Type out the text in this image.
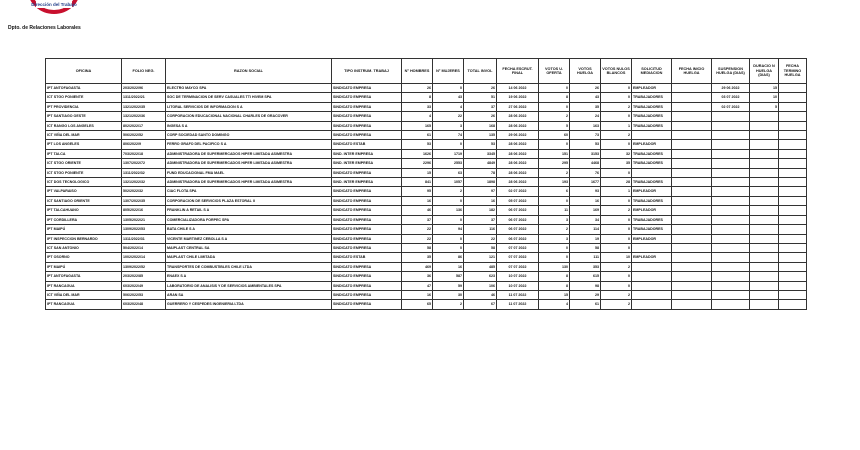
Dirección del Trabajo
Dpto. de Relaciones Laborales
OFICINA	FOLIO NEG.	RAZON SOCIAL	TIPO INSTRUM. TRABAJ	N° HOMBRES	N° MUJERES	TOTAL INVOL	FECHA ESCRUT. FINAL	VOTOS U. OFERTA	VOTOS HUELGA	VOTOS NULOS BLANCOS	SOLICITUD MEDIACION	FECHA INICIO HUELGA	SUSPENSION HUELGA (DIAS)	DURACIO N HUELGA (DIAS)	FECHA TERMINO HUELGA
IPT ANTOFAGASTA	203/2022/96	ELECTRO MAYCO SPA	SINDICATO EMPRESA	26	0	26	14 06 2022	0	26	0	EMPLEADOR		29 06 2022	15	
ICT STGO PONIENTE	1311/2022/21	SOC DE TERMINACION DE SERV CASUALES TTI HIVEM SPA	SINDICATO EMPRESA	8	43	51	19 06 2022	8	43	0	TRABAJADORES		03 07 2022	10	
IPT PROVIDENCIA	1321/2022/35	LITORAL SERVICIOS DE INFORMACION S A	SINDICATO EMPRESA	33	4	37	27 06 2022	0	35	2	TRABAJADORES		02 07 2022	5	
IPT SANTIAGO OESTE	1321/2022/36	CORPORACION EDUCACIONAL NACIONAL CHARLES DE GRACOVER	SINDICATO EMPRESA	4	22	26	28 06 2022	2	24	0	TRABAJADORES				
ICT RANGO LOS ANGELES	802/2022/17	INGESA S A	SINDICATO EMPRESA	165	3	168	28 06 2022	5	163	1	TRABAJADORES				
ICT VIÑA DEL MAR	506/2022/52	CORP SOCIEDAD SANTO DOMINGO	SINDICATO EMPRESA	61	74	135	29 06 2022	60	73	2					
IPT LOS ANGELES	806/2022/9	FERRO GRAFO DEL PACIFICO S A	SINDICATO ESTAB	53	0	53	28 06 2022	0	53	0	EMPLEADOR				
IPT TALCA	703/2022/18	ADMINISTRADORA DE SUPERMERCADOS HIPER LIMITADA ASIMESTRA	SIND. INTER EMPRESA	1626	1719	3345	28 06 2022	151	3153	32	TRABAJADORES				
ICT STGO ORIENTE	1307/2022/72	ADMINISTRADORA DE SUPERMERCADOS HIPER LIMITADA ASIMESTRA	SIND. INTER EMPRESA	2296	2553	4849	28 06 2022	295	4468	35	TRABAJADORES				
ICT STGO PONIENTE	1311/2022/32	FUND EDUCACIONAL FMA MAEL	SINDICATO EMPRESA	15	63	78	28 06 2022	2	76	0					
ICT DOS TECNOLOGICO	1321/2022/32	ADMINISTRADORA DE SUPERMERCADOS HIPER LIMITADA ASIMESTRA	SIND. INTER EMPRESA	841	1057	1898	28 06 2022	193	1677	28	TRABAJADORES				
IPT VALPARAISO	502/2022/32	CIAC FLOTA SPA	SINDICATO EMPRESA	95	2	97	02 07 2022	6	93	1	EMPLEADOR				
ICT SANTIAGO ORIENTE	1307/2022/35	CORPORACION DE SERVICIOS PLAZA ESTORAL II	SINDICATO EMPRESA	16	0	16	05 07 2022	0	16	0	TRABAJADORES				
IPT TALCAHUANO	805/2022/16	FRANKLIN A RETAIL S A	SINDICATO EMPRESA	46	136	182	06 07 2022	11	169	2	EMPLEADOR				
IPT CORDILLERA	1305/2022/21	COMERCIALIZADORA FORPEC SPA	SINDICATO EMPRESA	37	0	37	06 07 2022	3	34	0	TRABAJADORES				
IPT MAIPÚ	1309/2022/53	BATA CHILE S A	SINDICATO EMPRESA	22	94	116	06 07 2022	2	114	0	TRABAJADORES				
IPT INSPECCION BERNARDO	1311/2022/31	VICENTE MARTINEZ CEBOLLA S A	SINDICATO EMPRESA	22	0	22	06 07 2022	3	19	0	EMPLEADOR				
ICT SAN ANTONIO	504/2022/14	MAIPLAST CENTRAL SA	SINDICATO EMPRESA	58	0	58	07 07 2022	0	58	0					
IPT OSORNO	1002/2022/14	MAIPLAST CHILE LIMITADA	SINDICATO ESTAB	35	86	121	07 07 2022	0	111	10	EMPLEADOR				
IPT MAIPÚ	1309/2022/52	TRANSPORTES DE COMBUSTIBLES CHILE LTDA	SINDICATO EMPRESA	469	16	485	07 07 2022	130	353	2					
IPT ANTOFAGASTA	203/2022/85	ENAEX S A	SINDICATO EMPRESA	36	587	623	10 07 2022	8	615	0					
IPT RANCAGUA	603/2022/49	LABORATORIO DE ANALISIS Y DE SERVICIOS AMBIENTALES SPA	SINDICATO EMPRESA	47	59	106	10 07 2022	8	98	0					
ICT VIÑA DEL MAR	506/2022/53	ARAN SA	SINDICATO EMPRESA	16	30	46	11 07 2022	15	29	2					
IPT RANCAGUA	603/2022/48	GUERRERO Y CESPEDES INGENIERIA LTDA	SINDICATO EMPRESA	65	2	67	11 07 2022	4	61	2					
